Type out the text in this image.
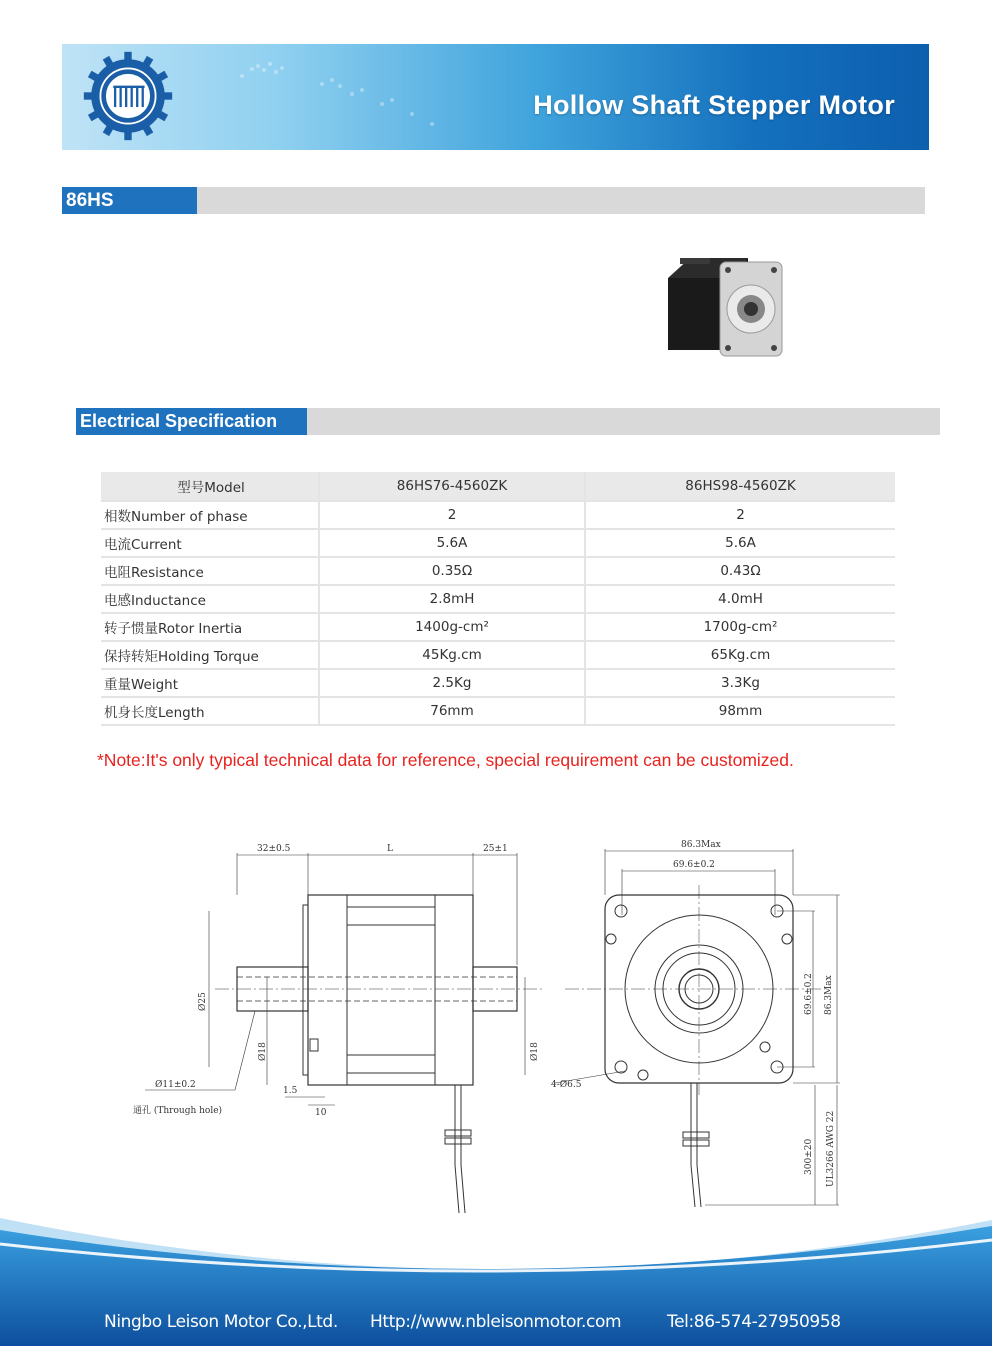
Hollow Shaft Stepper Motor
86HS
Electrical Specification
型号Model	86HS76-4560ZK	86HS98-4560ZK
相数Number of phase	2	2
电流Current	5.6A	5.6A
电阻Resistance	0.35Ω	0.43Ω
电感Inductance	2.8mH	4.0mH
转子惯量Rotor Inertia	1400g-cm²	1700g-cm²
保持转矩Holding Torque	45Kg.cm	65Kg.cm
重量Weight	2.5Kg	3.3Kg
机身长度Length	76mm	98mm
*Note:It's only typical technical data for reference, special requirement can be customized.
32±0.5	L	25±1
Ø25
Ø18	Ø18
Ø11±0.2
通孔 (Through hole)
1.5
10
86.3Max
69.6±0.2
69.6±0.2 86.3Max
4-Ø6.5
300±20 UL3266 AWG 22
Ningbo Leison Motor Co.,Ltd. Http://www.nbleisonmotor.com	Tel:86-574-27950958
